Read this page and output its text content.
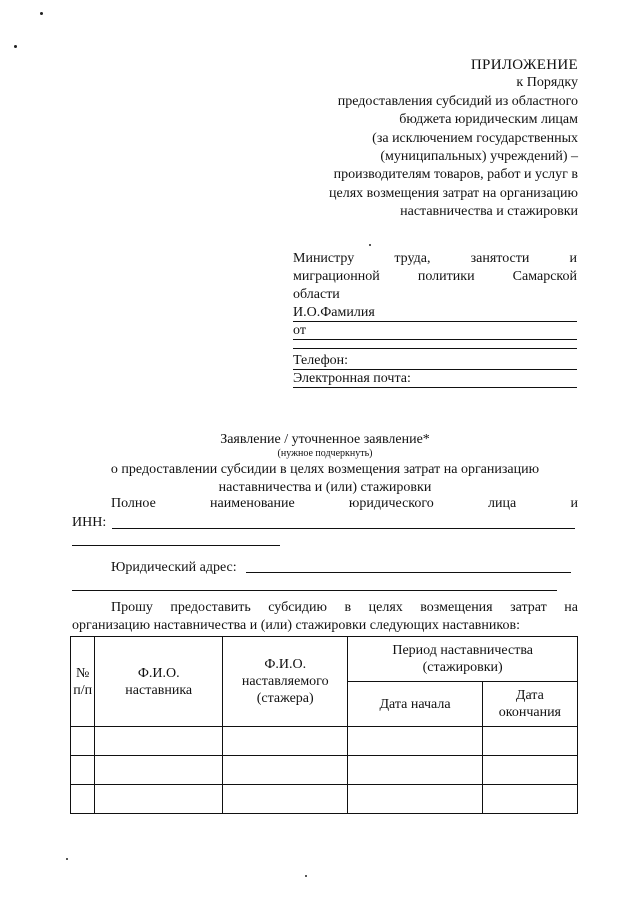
ПРИЛОЖЕНИЕ
к Порядку
предоставления субсидий из областного
бюджета юридическим лицам
(за исключением государственных
(муниципальных) учреждений) –
производителям товаров, работ и услуг в
целях возмещения затрат на организацию
наставничества и стажировки
Министру труда, занятости и
миграционной политики Самарской
области
И.О.Фамилия
от
Телефон:
Электронная почта:
Заявление / уточненное заявление*
(нужное подчеркнуть)
о предоставлении субсидии в целях возмещения затрат на организацию
наставничества и (или) стажировки
Полное наименование юридического лица и
ИНН:
Юридический адрес:
Прошу предоставить субсидию в целях возмещения затрат на
организацию наставничества и (или) стажировки следующих наставников:
№ п/п	Ф.И.О. наставника	Ф.И.О. наставляемого (стажера)	Период наставничества (стажировки)	
			Дата начала	Дата окончания
